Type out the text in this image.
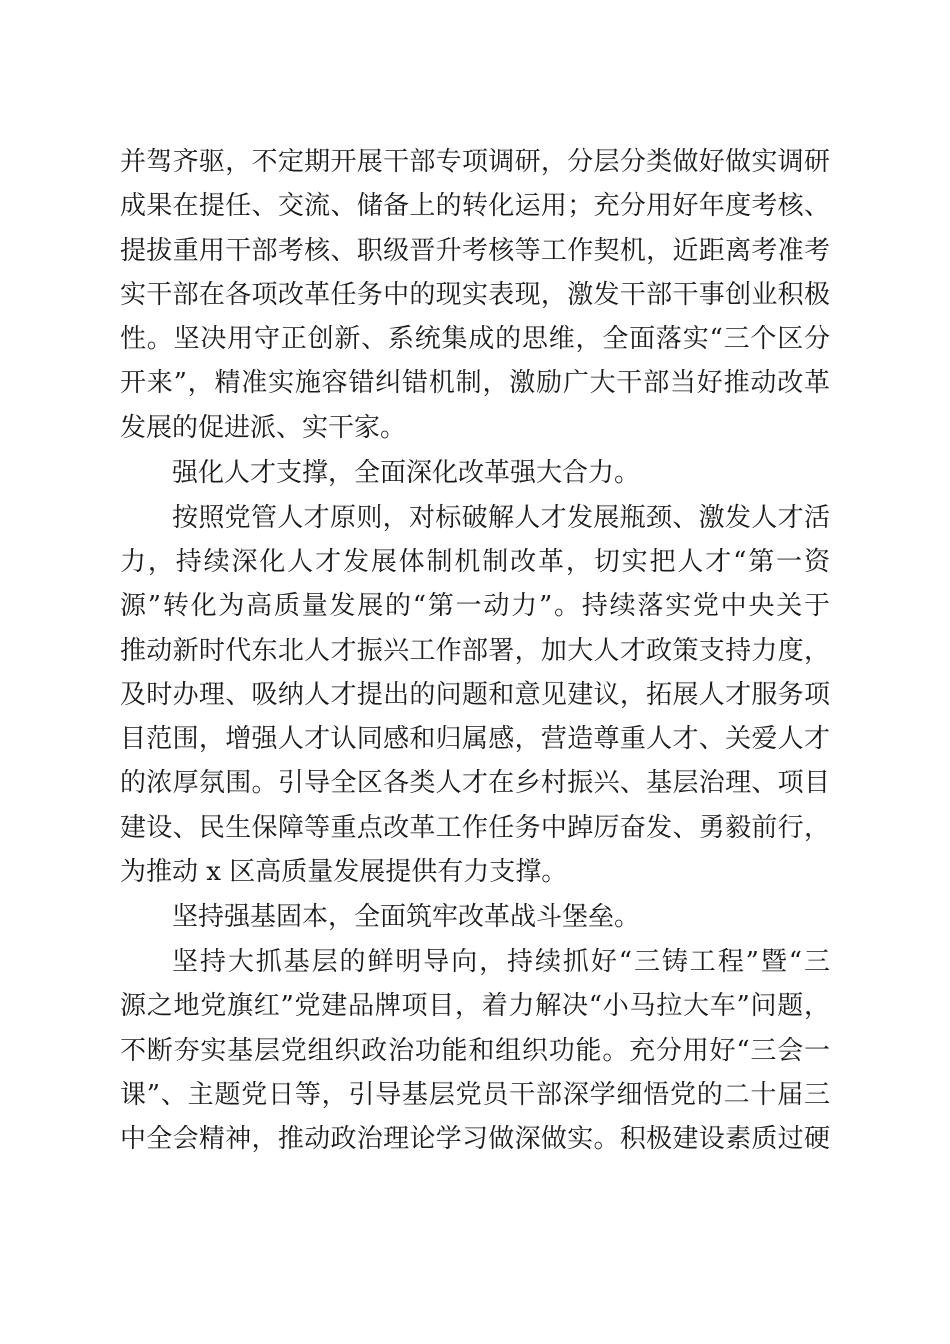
并驾齐驱，不定期开展干部专项调研，分层分类做好做实调研
成果在提任、交流、储备上的转化运用；充分用好年度考核、
提拔重用干部考核、职级晋升考核等工作契机，近距离考准考
实干部在各项改革任务中的现实表现，激发干部干事创业积极
性。坚决用守正创新、系统集成的思维，全面落实“三个区分
开来”，精准实施容错纠错机制，激励广大干部当好推动改革
发展的促进派、实干家。
强化人才支撑，全面深化改革强大合力。
按照党管人才原则，对标破解人才发展瓶颈、激发人才活
力，持续深化人才发展体制机制改革，切实把人才“第一资
源”转化为高质量发展的“第一动力”。持续落实党中央关于
推动新时代东北人才振兴工作部署，加大人才政策支持力度，
及时办理、吸纳人才提出的问题和意见建议，拓展人才服务项
目范围，增强人才认同感和归属感，营造尊重人才、关爱人才
的浓厚氛围。引导全区各类人才在乡村振兴、基层治理、项目
建设、民生保障等重点改革工作任务中踔厉奋发、勇毅前行，
为推动 x 区高质量发展提供有力支撑。
坚持强基固本，全面筑牢改革战斗堡垒。
坚持大抓基层的鲜明导向，持续抓好“三铸工程”暨“三
源之地党旗红”党建品牌项目，着力解决“小马拉大车”问题，
不断夯实基层党组织政治功能和组织功能。充分用好“三会一
课”、主题党日等，引导基层党员干部深学细悟党的二十届三
中全会精神，推动政治理论学习做深做实。积极建设素质过硬
